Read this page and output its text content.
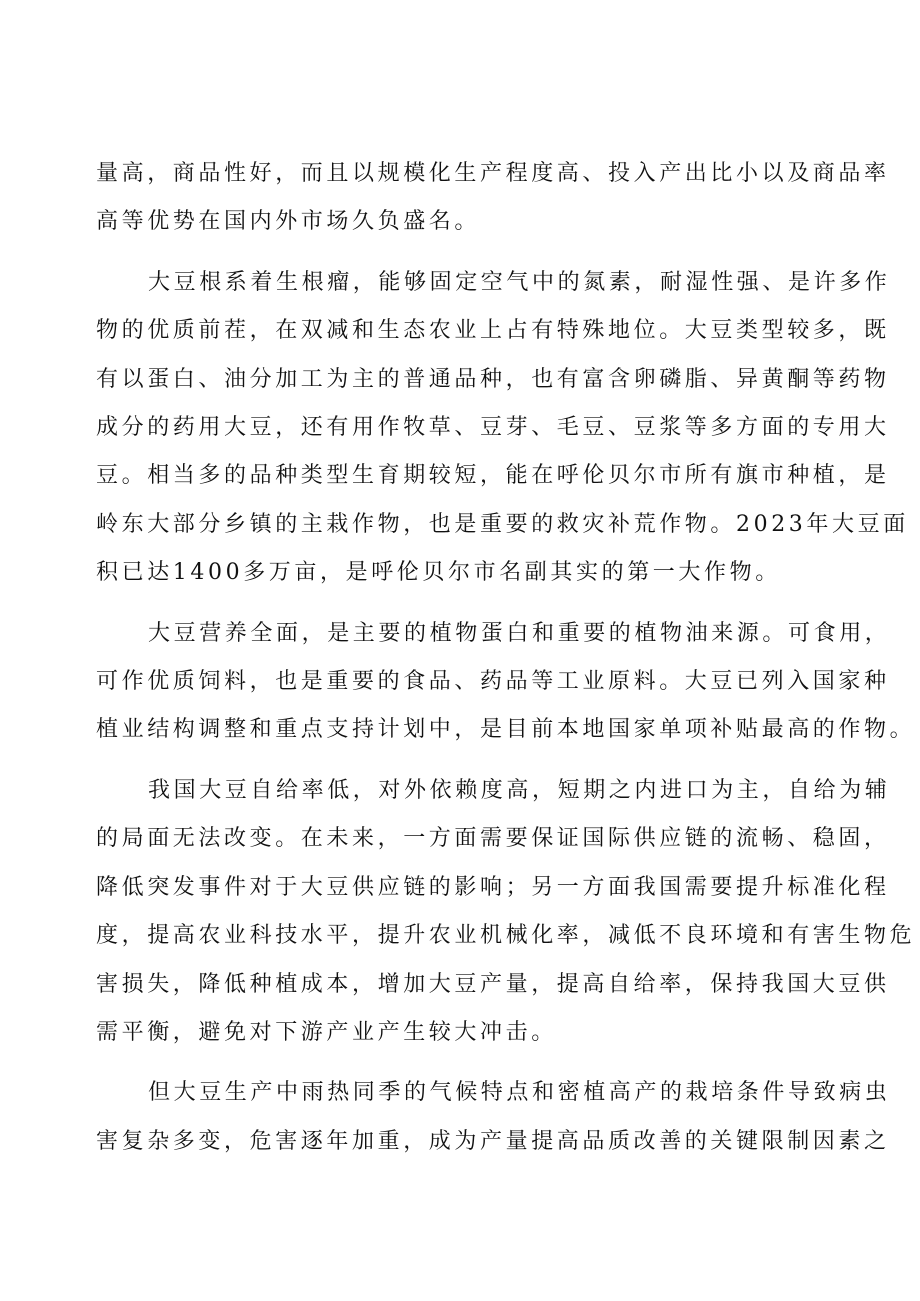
量高，商品性好，而且以规模化生产程度高、投入产出比小以及商品率
高等优势在国内外市场久负盛名。

大豆根系着生根瘤，能够固定空气中的氮素，耐湿性强、是许多作
物的优质前茬，在双减和生态农业上占有特殊地位。大豆类型较多，既
有以蛋白、油分加工为主的普通品种，也有富含卵磷脂、异黄酮等药物
成分的药用大豆，还有用作牧草、豆芽、毛豆、豆浆等多方面的专用大
豆。相当多的品种类型生育期较短，能在呼伦贝尔市所有旗市种植，是
岭东大部分乡镇的主栽作物，也是重要的救灾补荒作物。2023年大豆面
积已达1400多万亩，是呼伦贝尔市名副其实的第一大作物。

大豆营养全面，是主要的植物蛋白和重要的植物油来源。可食用，
可作优质饲料，也是重要的食品、药品等工业原料。大豆已列入国家种
植业结构调整和重点支持计划中，是目前本地国家单项补贴最高的作物。

我国大豆自给率低，对外依赖度高，短期之内进口为主，自给为辅
的局面无法改变。在未来，一方面需要保证国际供应链的流畅、稳固，
降低突发事件对于大豆供应链的影响；另一方面我国需要提升标准化程
度，提高农业科技水平，提升农业机械化率，减低不良环境和有害生物危
害损失，降低种植成本，增加大豆产量，提高自给率，保持我国大豆供
需平衡，避免对下游产业产生较大冲击。

但大豆生产中雨热同季的气候特点和密植高产的栽培条件导致病虫
害复杂多变，危害逐年加重，成为产量提高品质改善的关键限制因素之
